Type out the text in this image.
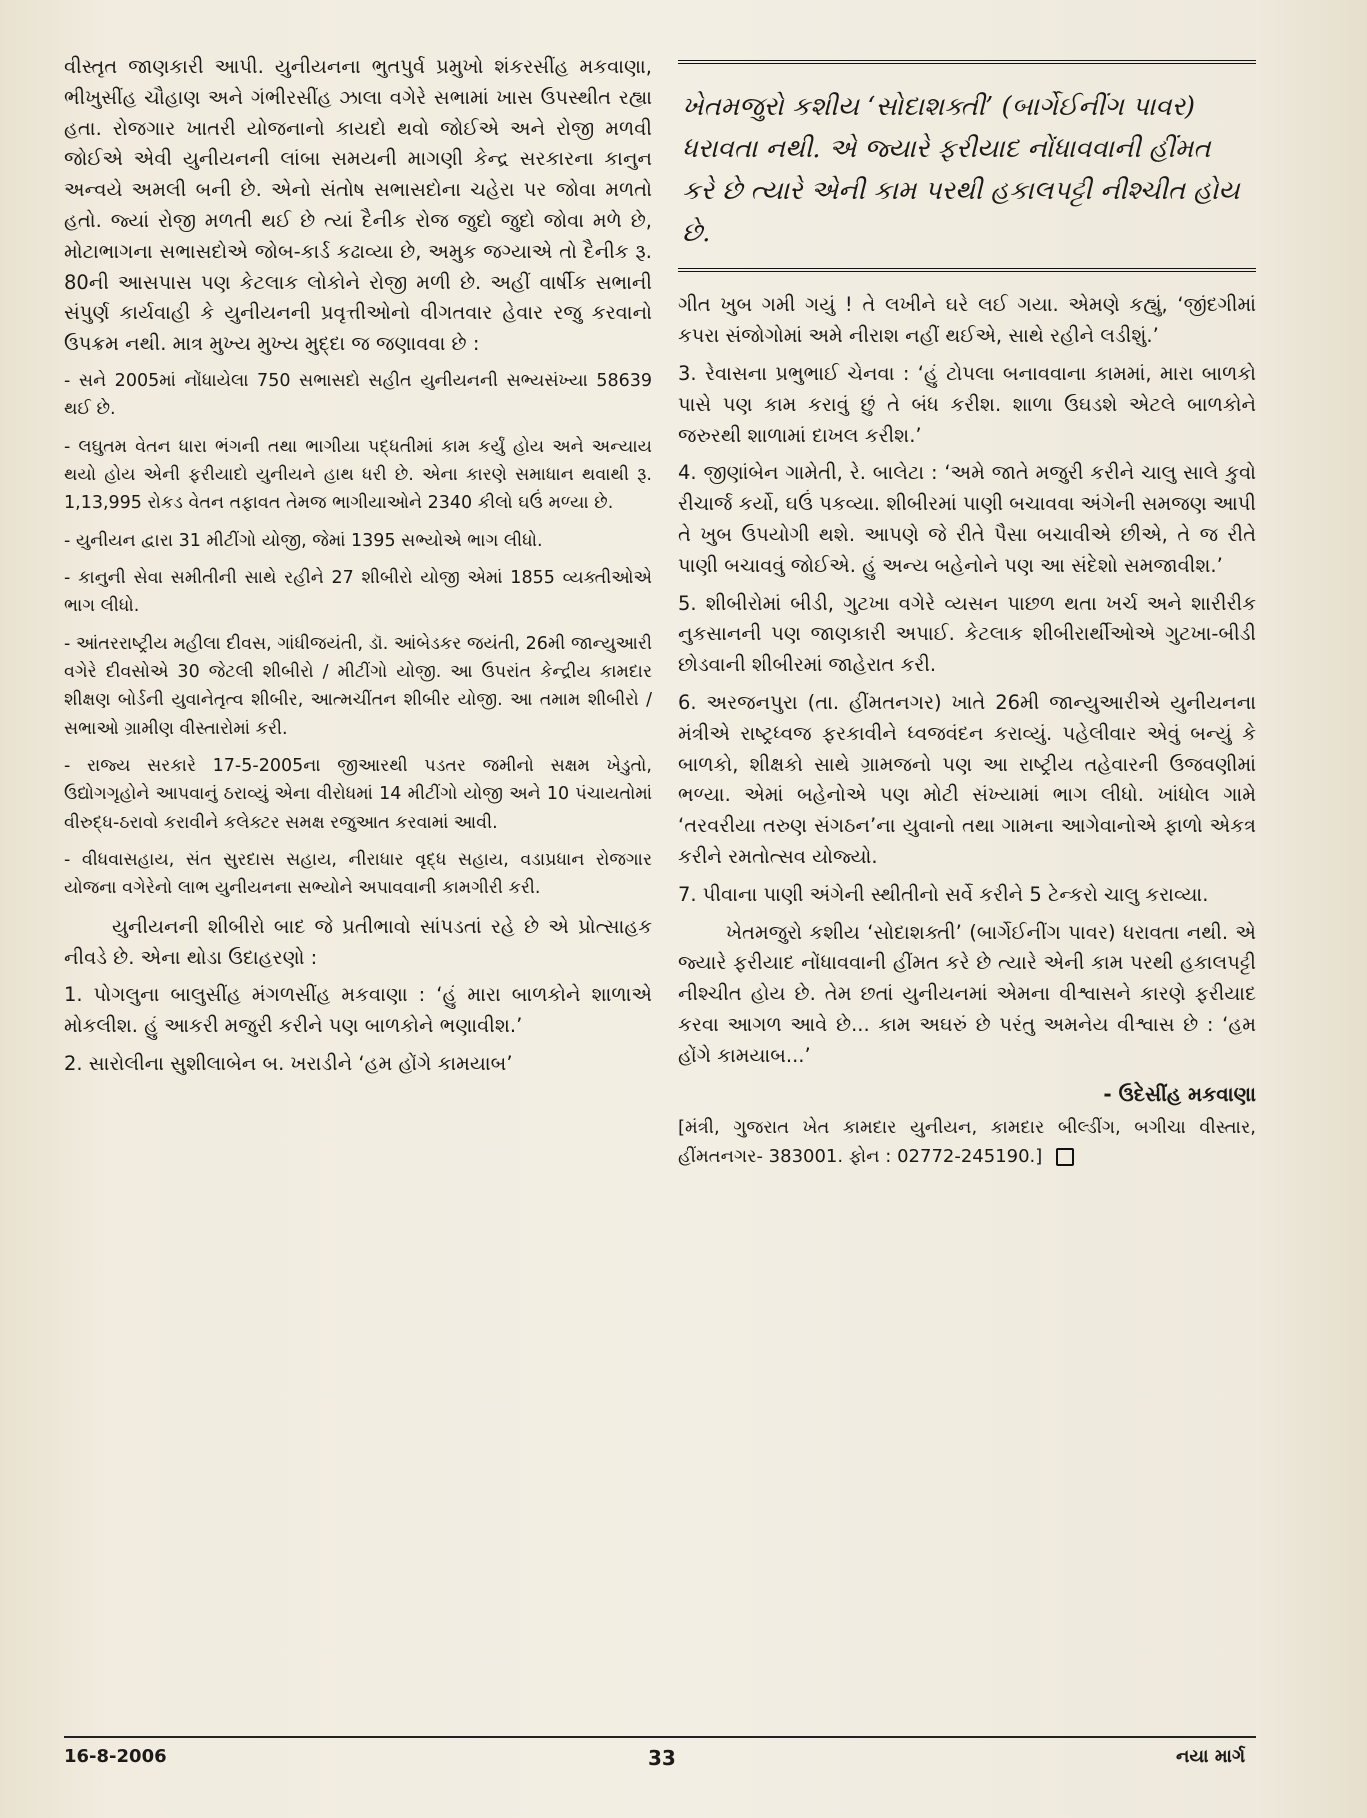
વીસ્તૃત જાણકારી આપી. યુનીયનના ભુતપુર્વ પ્રમુખો શંકરસીંહ મકવાણા, ભીખુસીંહ ચૌહાણ અને ગંભીરસીંહ ઝાલા વગેરે સભામાં ખાસ ઉપસ્થીત રહ્યા હતા. રોજગાર ખાતરી યોજનાનો કાયદો થવો જોઈએ અને રોજી મળવી જોઈએ એવી યુનીયનની લાંબા સમયની માગણી કેન્દ્ર સરકારના કાનુન અન્વયે અમલી બની છે. એનો સંતોષ સભાસદોના ચહેરા પર જોવા મળતો હતો. જ્યાં રોજી મળતી થઈ છે ત્યાં દૈનીક રોજ જુદો જુદો જોવા મળે છે, મોટાભાગના સભાસદોએ જોબ-કાર્ડ કઢાવ્યા છે, અમુક જગ્યાએ તો દૈનીક રૂ. 80ની આસપાસ પણ કેટલાક લોકોને રોજી મળી છે. અહીં વાર્ષીક સભાની સંપુર્ણ કાર્યવાહી કે યુનીયનની પ્રવૃત્તીઓનો વીગતવાર હેવાર રજુ કરવાનો ઉપક્રમ નથી. માત્ર મુખ્ય મુખ્ય મુદ્દા જ જણાવવા છે :

- સને 2005માં નોંધાયેલા 750 સભાસદો સહીત યુનીયનની સભ્યસંખ્યા 58639 થઈ છે.

- લઘુતમ વેતન ધારા ભંગની તથા ભાગીયા પદ્ધતીમાં કામ કર્યું હોય અને અન્યાય થયો હોય એની ફરીયાદો યુનીયને હાથ ધરી છે. એના કારણે સમાધાન થવાથી રૂ. 1,13,995 રોકડ વેતન તફાવત તેમજ ભાગીયાઓને 2340 કીલો ઘઉં મળ્યા છે.

- યુનીયન દ્વારા 31 મીટીંગો યોજી, જેમાં 1395 સભ્યોએ ભાગ લીધો.

- કાનુની સેવા સમીતીની સાથે રહીને 27 શીબીરો યોજી એમાં 1855 વ્યક્તીઓએ ભાગ લીધો.

- આંતરરાષ્ટ્રીય મહીલા દીવસ, ગાંધીજયંતી, ડૉ. આંબેડકર જયંતી, 26મી જાન્યુઆરી વગેરે દીવસોએ 30 જેટલી શીબીરો / મીટીંગો યોજી. આ ઉપરાંત કેન્દ્રીય કામદાર શીક્ષણ બોર્ડની યુવાનેતૃત્વ શીબીર, આત્મચીંતન શીબીર યોજી. આ તમામ શીબીરો / સભાઓ ગ્રામીણ વીસ્તારોમાં કરી.

- રાજ્ય સરકારે 17-5-2005ના જીઆરથી પડતર જમીનો સક્ષમ ખેડુતો, ઉદ્યોગગૃહોને આપવાનું ઠરાવ્યું એના વીરોધમાં 14 મીટીંગો યોજી અને 10 પંચાયતોમાં વીરુદ્ધ-ઠરાવો કરાવીને કલેક્ટર સમક્ષ રજુઆત કરવામાં આવી.

- વીધવાસહાય, સંત સુરદાસ સહાય, નીરાધાર વૃદ્ધ સહાય, વડાપ્રધાન રોજગાર યોજના વગેરેનો લાભ યુનીયનના સભ્યોને અપાવવાની કામગીરી કરી.

યુનીયનની શીબીરો બાદ જે પ્રતીભાવો સાંપડતાં રહે છે એ પ્રોત્સાહક નીવડે છે. એના થોડા ઉદાહરણો :

1. પોગલુના બાલુસીંહ મંગળસીંહ મકવાણા : ‘હું મારા બાળકોને શાળાએ મોકલીશ. હું આકરી મજુરી કરીને પણ બાળકોને ભણાવીશ.’

2. સારોલીના સુશીલાબેન બ. ખરાડીને ‘હમ હોંગે કામયાબ’

ખેતમજુરો કશીય ‘સોદાશક્તી’ (બાર્ગેઈનીંગ પાવર) ધરાવતા નથી. એ જ્યારે ફરીયાદ નોંધાવવાની હીંમત કરે છે ત્યારે એની કામ પરથી હકાલપટ્ટી નીશ્ચીત હોય છે.

ગીત ખુબ ગમી ગયું ! તે લખીને ઘરે લઈ ગયા. એમણે કહ્યું, ‘જીંદગીમાં કપરા સંજોગોમાં અમે નીરાશ નહીં થઈએ, સાથે રહીને લડીશું.’

3. રેવાસના પ્રભુભાઈ ચેનવા : ‘હું ટોપલા બનાવવાના કામમાં, મારા બાળકો પાસે પણ કામ કરાવું છું તે બંધ કરીશ. શાળા ઉઘડશે એટલે બાળકોને જરુરથી શાળામાં દાખલ કરીશ.’

4. જીણાંબેન ગામેતી, રે. બાલેટા : ‘અમે જાતે મજુરી કરીને ચાલુ સાલે કુવો રીચાર્જ કર્યો, ઘઉં પકવ્યા. શીબીરમાં પાણી બચાવવા અંગેની સમજણ આપી તે ખુબ ઉપયોગી થશે. આપણે જે રીતે પૈસા બચાવીએ છીએ, તે જ રીતે પાણી બચાવવું જોઈએ. હું અન્ય બહેનોને પણ આ સંદેશો સમજાવીશ.’

5. શીબીરોમાં બીડી, ગુટખા વગેરે વ્યસન પાછળ થતા ખર્ચ અને શારીરીક નુકસાનની પણ જાણકારી અપાઈ. કેટલાક શીબીરાર્થીઓએ ગુટખા-બીડી છોડવાની શીબીરમાં જાહેરાત કરી.

6. અરજનપુરા (તા. હીંમતનગર) ખાતે 26મી જાન્યુઆરીએ યુનીયનના મંત્રીએ રાષ્ટ્રધ્વજ ફરકાવીને ધ્વજવંદન કરાવ્યું. પહેલીવાર એવું બન્યું કે બાળકો, શીક્ષકો સાથે ગ્રામજનો પણ આ રાષ્ટ્રીય તહેવારની ઉજવણીમાં ભળ્યા. એમાં બહેનોએ પણ મોટી સંખ્યામાં ભાગ લીધો. ખાંધોલ ગામે ‘તરવરીયા તરુણ સંગઠન’ના યુવાનો તથા ગામના આગેવાનોએ ફાળો એકત્ર કરીને રમતોત્સવ યોજ્યો.

7. પીવાના પાણી અંગેની સ્થીતીનો સર્વે કરીને 5 ટેન્કરો ચાલુ કરાવ્યા.

ખેતમજુરો કશીય ‘સોદાશક્તી’ (બાર્ગેઈનીંગ પાવર) ધરાવતા નથી. એ જ્યારે ફરીયાદ નોંધાવવાની હીંમત કરે છે ત્યારે એની કામ પરથી હકાલપટ્ટી નીશ્ચીત હોય છે. તેમ છતાં યુનીયનમાં એમના વીશ્વાસને કારણે ફરીયાદ કરવા આગળ આવે છે... કામ અઘરું છે પરંતુ અમનેય વીશ્વાસ છે : ‘હમ હોંગે કામયાબ...’

- ઉદેસીંહ મકવાણા

[મંત્રી, ગુજરાત ખેત કામદાર યુનીયન, કામદાર બીલ્ડીંગ, બગીચા વીસ્તાર, હીંમતનગર- 383001. ફોન : 02772-245190.]

16-8-2006	33	નયા માર્ગ
